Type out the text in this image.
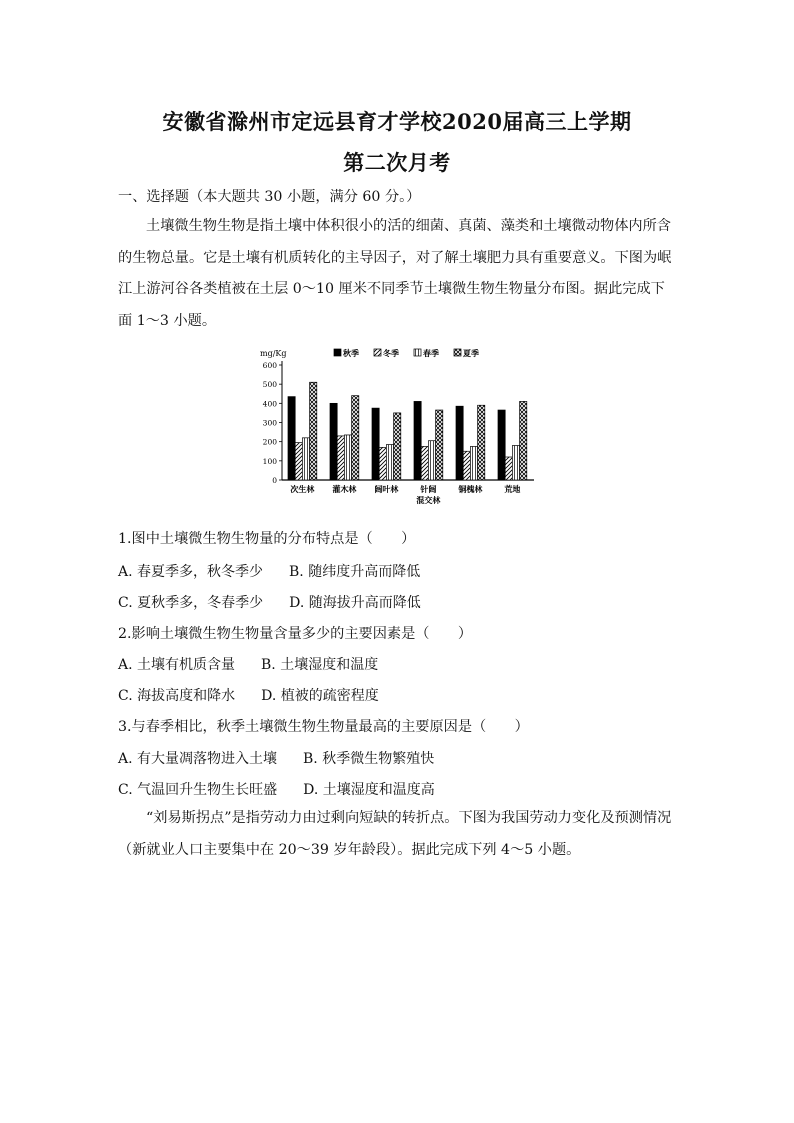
安徽省滁州市定远县育才学校2020届高三上学期
第二次月考
一、选择题（本大题共 30 小题，满分 60 分。）
土壤微生物生物是指土壤中体积很小的活的细菌、真菌、藻类和土壤微动物体内所含的生物总量。它是土壤有机质转化的主导因子，对了解土壤肥力具有重要意义。下图为岷江上游河谷各类植被在土层 0～10 厘米不同季节土壤微生物生物量分布图。据此完成下面 1～3 小题。
mg/Kg
0
100
200
300
400
500
600
秋季	冬季	春季	夏季
次生林 灌木林 阔叶林	针阔
混交林
铜槐林	荒地
1.图中土壤微生物生物量的分布特点是（　　）
A. 春夏季多，秋冬季少 B. 随纬度升高而降低
C. 夏秋季多，冬春季少 D. 随海拔升高而降低
2.影响土壤微生物生物量含量多少的主要因素是（　　）
A. 土壤有机质含量 B. 土壤湿度和温度
C. 海拔高度和降水 D. 植被的疏密程度
3.与春季相比，秋季土壤微生物生物量最高的主要原因是（　　）
A. 有大量凋落物进入土壤 B. 秋季微生物繁殖快
C. 气温回升生物生长旺盛 D. 土壤湿度和温度高
“刘易斯拐点”是指劳动力由过剩向短缺的转折点。下图为我国劳动力变化及预测情况（新就业人口主要集中在 20～39 岁年龄段）。据此完成下列 4～5 小题。
